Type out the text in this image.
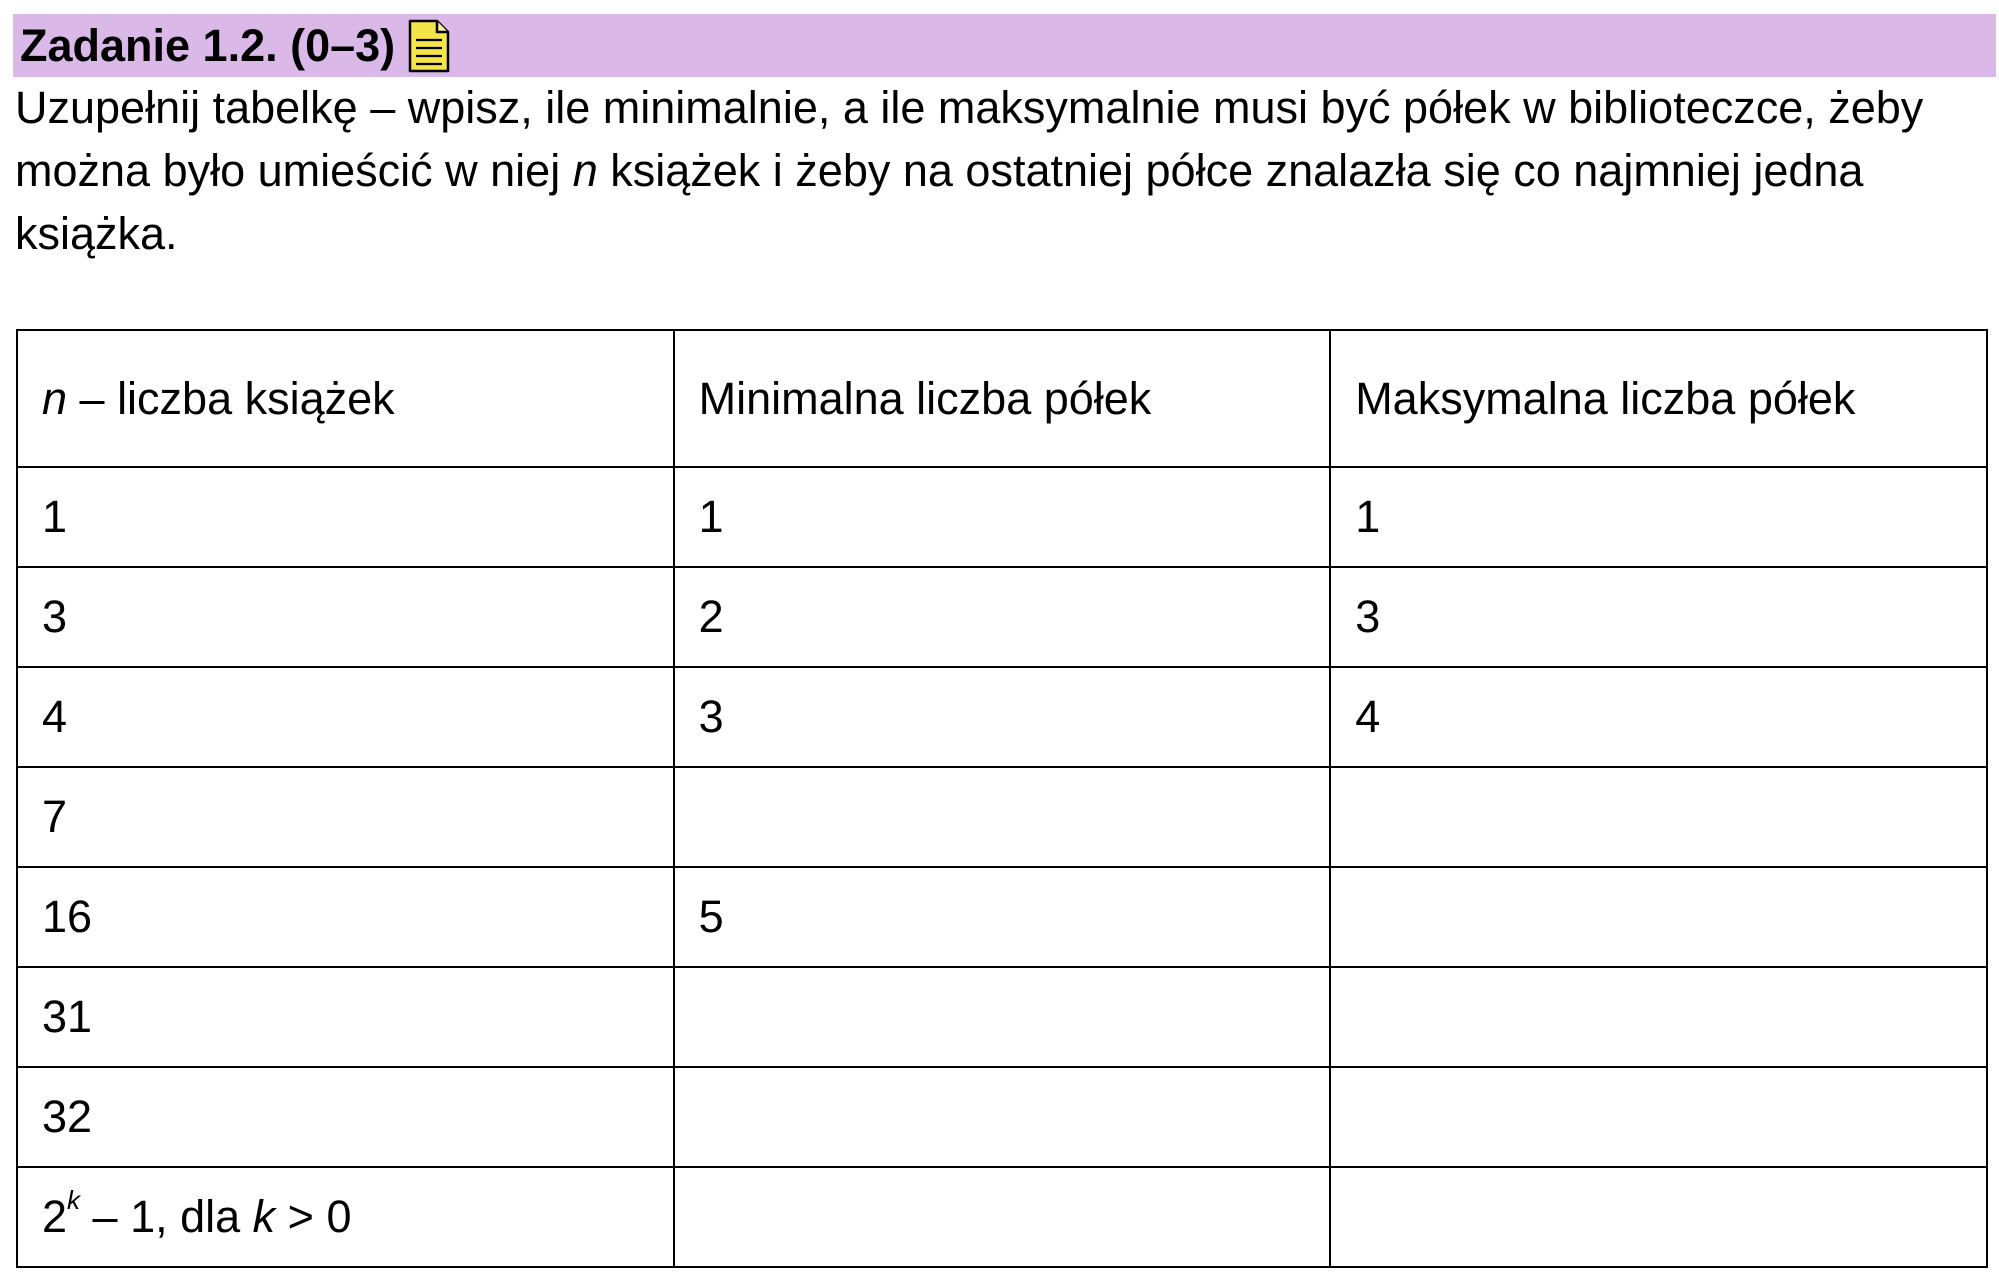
Zadanie 1.2. (0–3)

Uzupełnij tabelkę – wpisz, ile minimalnie, a ile maksymalnie musi być półek w biblioteczce, żeby można było umieścić w niej n książek i żeby na ostatniej półce znalazła się co najmniej jedna książka.

n – liczba książek	Minimalna liczba półek	Maksymalna liczba półek
1	1	1
3	2	3
4	3	4
7		
16	5	
31		
32		
2$^k$ – 1, dla k > 0		
